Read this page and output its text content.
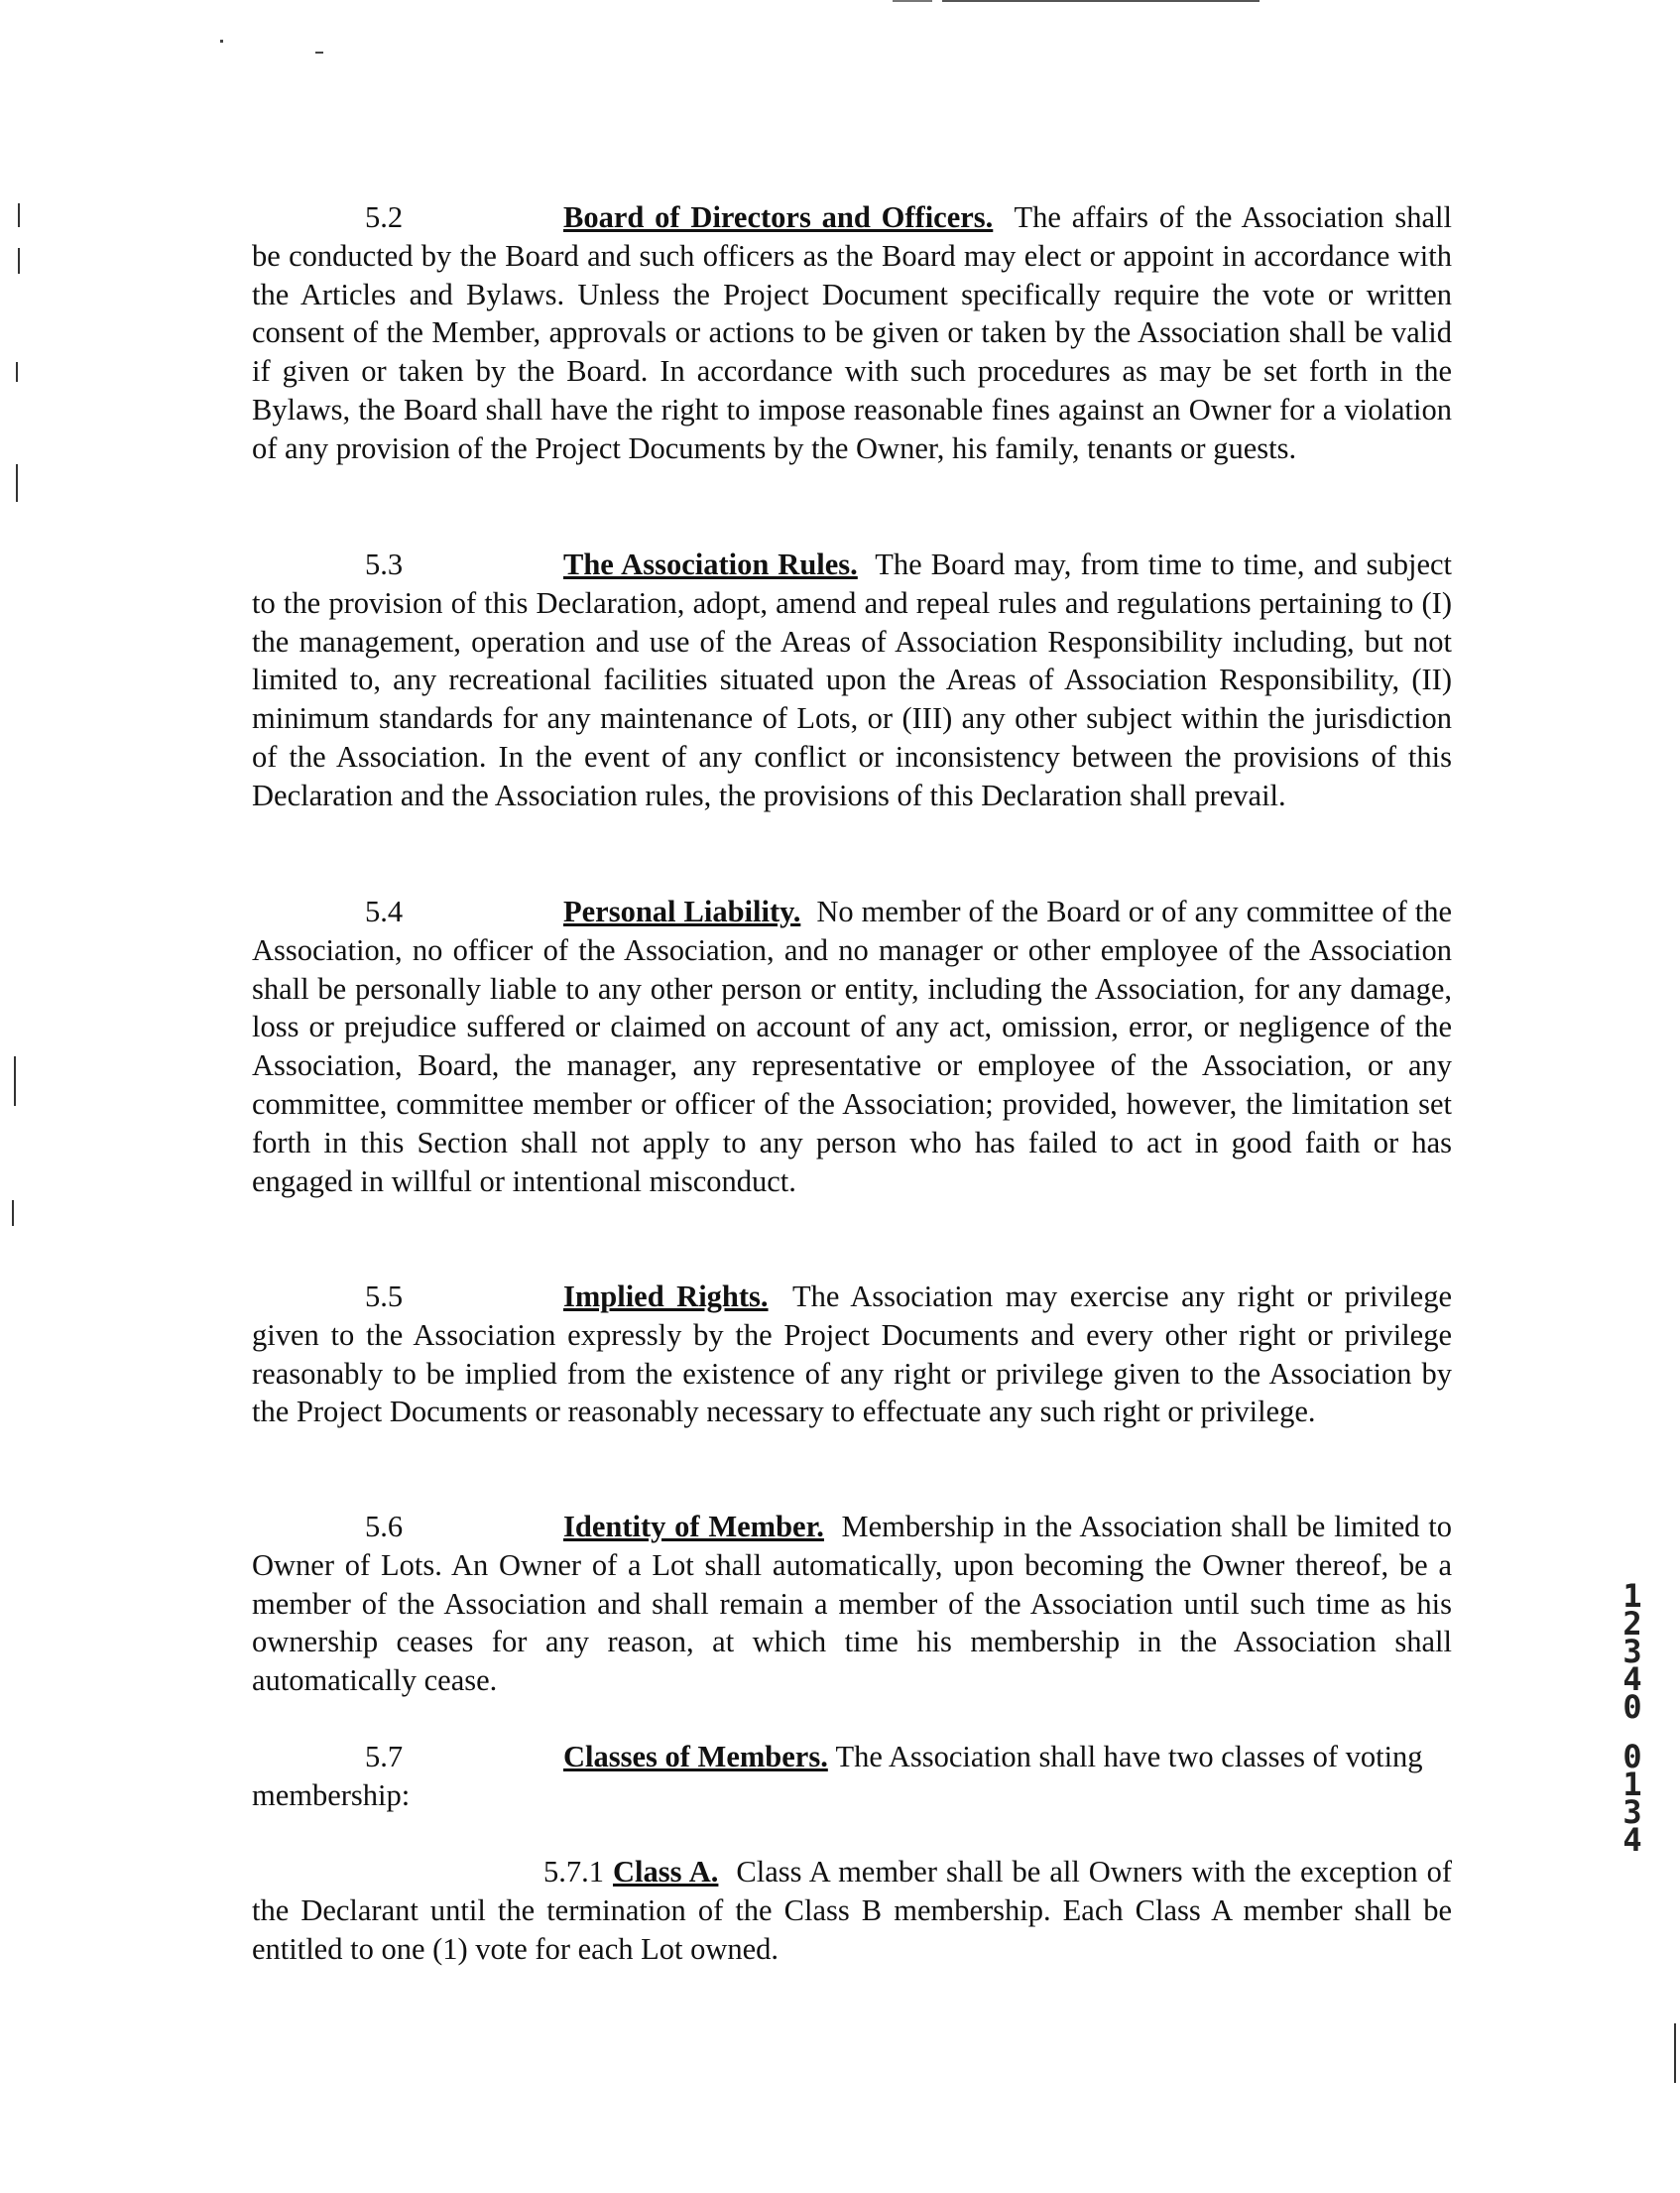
5.2	Board of Directors and Officers. The affairs of the Association shall be conducted by the Board and such officers as the Board may elect or appoint in accordance with the Articles and Bylaws. Unless the Project Document specifically require the vote or written consent of the Member, approvals or actions to be given or taken by the Association shall be valid if given or taken by the Board. In accordance with such procedures as may be set forth in the Bylaws, the Board shall have the right to impose reasonable fines against an Owner for a violation of any provision of the Project Documents by the Owner, his family, tenants or guests.
5.3	The Association Rules. The Board may, from time to time, and subject to the provision of this Declaration, adopt, amend and repeal rules and regulations pertaining to (I) the management, operation and use of the Areas of Association Responsibility including, but not limited to, any recreational facilities situated upon the Areas of Association Responsibility, (II) minimum standards for any maintenance of Lots, or (III) any other subject within the jurisdiction of the Association. In the event of any conflict or inconsistency between the provisions of this Declaration and the Association rules, the provisions of this Declaration shall prevail.
5.4	Personal Liability. No member of the Board or of any committee of the Association, no officer of the Association, and no manager or other employee of the Association shall be personally liable to any other person or entity, including the Association, for any damage, loss or prejudice suffered or claimed on account of any act, omission, error, or negligence of the Association, Board, the manager, any representative or employee of the Association, or any committee, committee member or officer of the Association; provided, however, the limitation set forth in this Section shall not apply to any person who has failed to act in good faith or has engaged in willful or intentional misconduct.
5.5	Implied Rights. The Association may exercise any right or privilege given to the Association expressly by the Project Documents and every other right or privilege reasonably to be implied from the existence of any right or privilege given to the Association by the Project Documents or reasonably necessary to effectuate any such right or privilege.
5.6	Identity of Member. Membership in the Association shall be limited to Owner of Lots. An Owner of a Lot shall automatically, upon becoming the Owner thereof, be a member of the Association and shall remain a member of the Association until such time as his ownership ceases for any reason, at which time his membership in the Association shall automatically cease.
5.7	Classes of Members. The Association shall have two classes of voting membership:
5.7.1 Class A. Class A member shall be all Owners with the exception of the Declarant until the termination of the Class B membership. Each Class A member shall be entitled to one (1) vote for each Lot owned.
1
2
3
4
0
0
1
3
4
